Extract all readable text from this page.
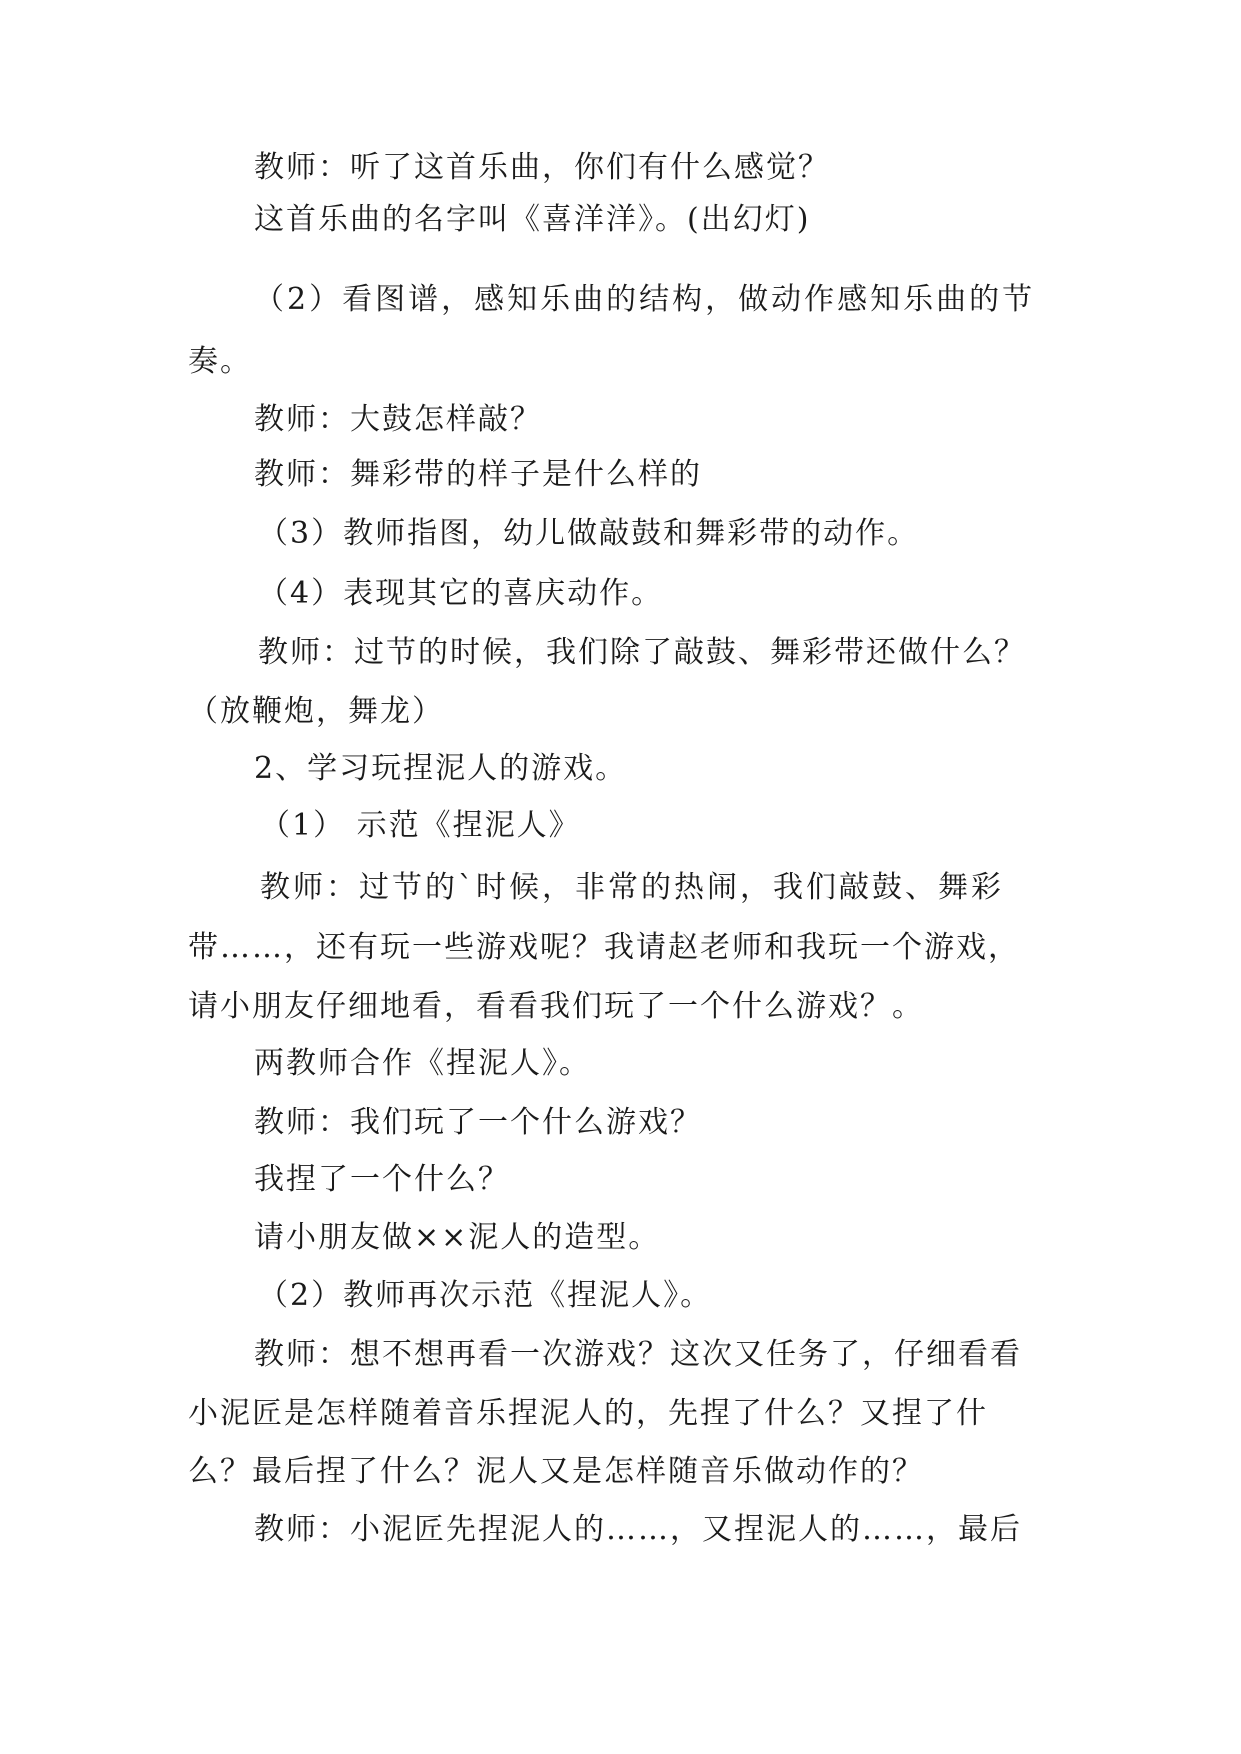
教师：听了这首乐曲，你们有什么感觉？
这首乐曲的名字叫《喜洋洋》。(出幻灯)
（2）看图谱，感知乐曲的结构，做动作感知乐曲的节
奏。
教师：大鼓怎样敲？
教师：舞彩带的样子是什么样的
（3）教师指图，幼儿做敲鼓和舞彩带的动作。
（4）表现其它的喜庆动作。
教师：过节的时候，我们除了敲鼓、舞彩带还做什么？
（放鞭炮，舞龙）
2、学习玩捏泥人的游戏。
（1） 示范《捏泥人》
教师：过节的`时候，非常的热闹，我们敲鼓、舞彩
带……，还有玩一些游戏呢？我请赵老师和我玩一个游戏，
请小朋友仔细地看，看看我们玩了一个什么游戏？。
两教师合作《捏泥人》。
教师：我们玩了一个什么游戏？
我捏了一个什么？
请小朋友做××泥人的造型。
（2）教师再次示范《捏泥人》。
教师：想不想再看一次游戏？这次又任务了，仔细看看
小泥匠是怎样随着音乐捏泥人的，先捏了什么？又捏了什
么？最后捏了什么？泥人又是怎样随音乐做动作的？
教师：小泥匠先捏泥人的……，又捏泥人的……，最后
